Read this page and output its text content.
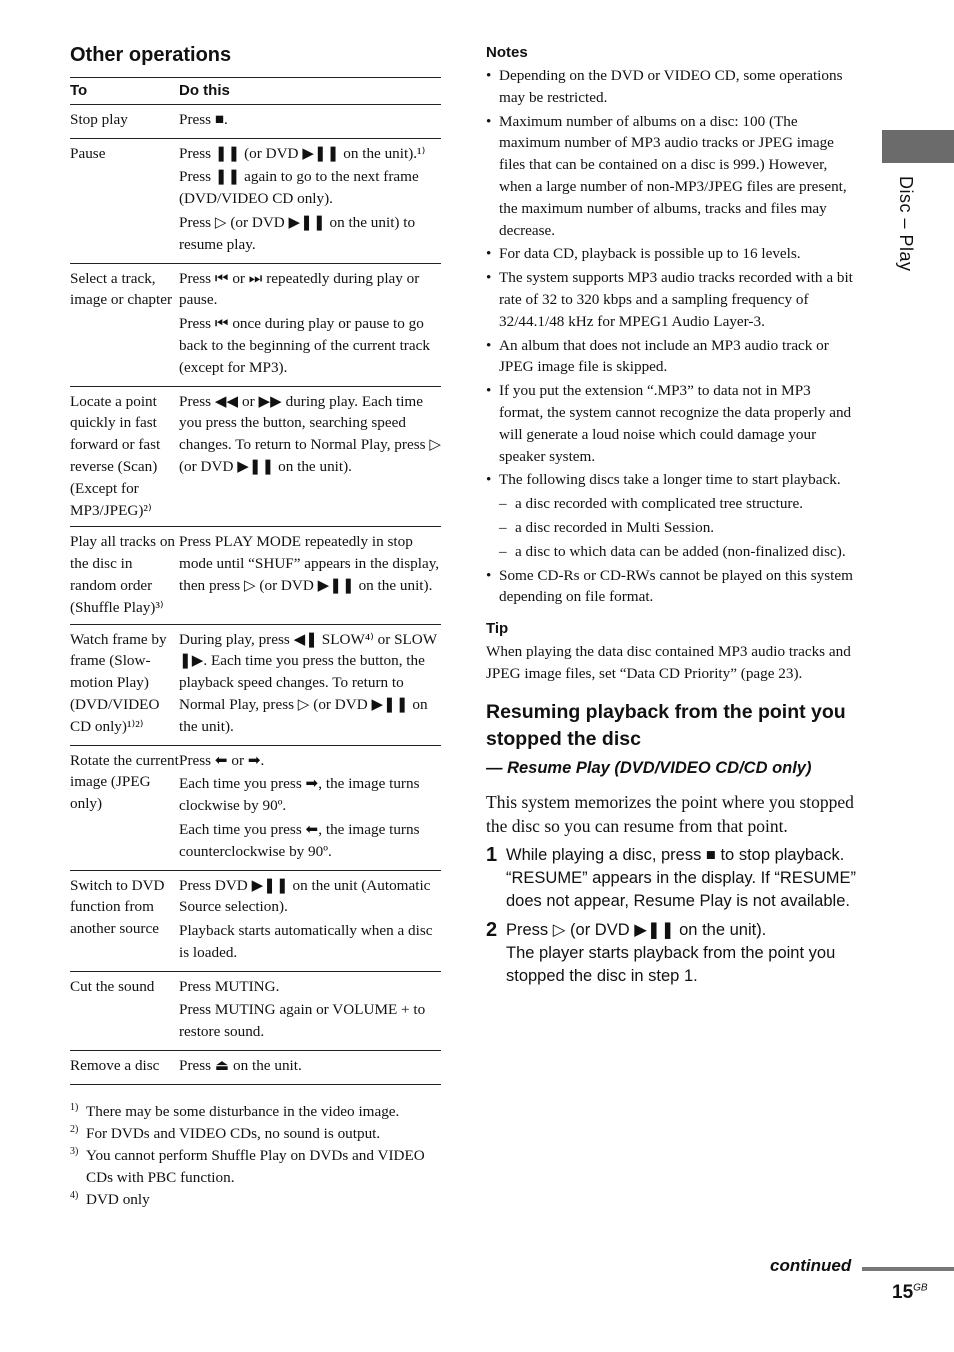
Other operations
To	Do this
Stop play	Press ■.

Pause	Press ❚❚ (or DVD ▶❚❚ on the unit).¹⁾

Press ❚❚ again to go to the next frame (DVD/VIDEO CD only).

Press ▷ (or DVD ▶❚❚ on the unit) to resume play.

Select a track, image or chapter	Press ⏮ or ⏭ repeatedly during play or pause.

Press ⏮ once during play or pause to go back to the beginning of the current track (except for MP3).

Locate a point quickly in fast forward or fast reverse (Scan) (Except for MP3/JPEG)²⁾	Press ◀◀ or ▶▶ during play. Each time you press the button, searching speed changes. To return to Normal Play, press ▷ (or DVD ▶❚❚ on the unit).

Play all tracks on the disc in random order (Shuffle Play)³⁾	Press PLAY MODE repeatedly in stop mode until “SHUF” appears in the display, then press ▷ (or DVD ▶❚❚ on the unit).

Watch frame by frame (Slow-motion Play) (DVD/VIDEO CD only)¹⁾²⁾	During play, press ◀❚ SLOW⁴⁾ or SLOW ❚▶. Each time you press the button, the playback speed changes. To return to Normal Play, press ▷ (or DVD ▶❚❚ on the unit).

Rotate the current image (JPEG only)	Press ⬅ or ➡.

Each time you press ➡, the image turns clockwise by 90º.

Each time you press ⬅, the image turns counterclockwise by 90º.

Switch to DVD function from another source	Press DVD ▶❚❚ on the unit (Automatic Source selection).

Playback starts automatically when a disc is loaded.

Cut the sound	Press MUTING.

Press MUTING again or VOLUME + to restore sound.

Remove a disc	Press ⏏ on the unit.

1) There may be some disturbance in the video image.
2) For DVDs and VIDEO CDs, no sound is output.
3) You cannot perform Shuffle Play on DVDs and VIDEO CDs with PBC function.
4) DVD only
Notes
• Depending on the DVD or VIDEO CD, some operations may be restricted.
• Maximum number of albums on a disc: 100 (The maximum number of MP3 audio tracks or JPEG image files that can be contained on a disc is 999.) However, when a large number of non-MP3/JPEG files are present, the maximum number of albums, tracks and files may decrease.
• For data CD, playback is possible up to 16 levels.
• The system supports MP3 audio tracks recorded with a bit rate of 32 to 320 kbps and a sampling frequency of 32/44.1/48 kHz for MPEG1 Audio Layer-3.
• An album that does not include an MP3 audio track or JPEG image file is skipped.
• If you put the extension “.MP3” to data not in MP3 format, the system cannot recognize the data properly and will generate a loud noise which could damage your speaker system.
• The following discs take a longer time to start playback.
– a disc recorded with complicated tree structure.
– a disc recorded in Multi Session.
– a disc to which data can be added (non-finalized disc).
• Some CD-Rs or CD-RWs cannot be played on this system depending on file format.
Tip

When playing the data disc contained MP3 audio tracks and JPEG image files, set “Data CD Priority” (page 23).

Resuming playback from the point you stopped the disc
— Resume Play (DVD/VIDEO CD/CD only)

This system memorizes the point where you stopped the disc so you can resume from that point.

1 While playing a disc, press ■ to stop playback.
“RESUME” appears in the display. If “RESUME” does not appear, Resume Play is not available.
2 Press ▷ (or DVD ▶❚❚ on the unit).
The player starts playback from the point you stopped the disc in step 1.
Disc – Play
continued
$15^{GB}$
